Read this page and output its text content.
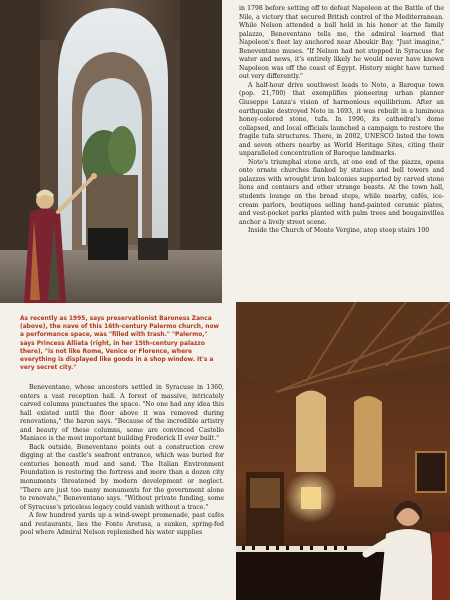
in 1798 before setting off to defeat Napoleon at the Battle of the Nile, a victory that secured British control of the Mediterranean. While Nelson attended a ball held in his honor at the family palazzo, Beneventano tells me, the admiral learned that Napoleon's fleet lay anchored near Aboukir Bay. "Just imagine," Beneventano muses. "If Nelson had not stopped in Syracuse for water and news, it's entirely likely he would never have known Napoleon was off the coast of Egypt. History might have turned out very differently."

A half-hour drive southwest leads to Noto, a Baroque town (pop. 21,700) that exemplifies pioneering urban planner Giuseppe Lanza's vision of harmonious equilibrium. After an earthquake destroyed Noto in 1693, it was rebuilt in a luminous honey-colored stone, tufa. In 1996, its cathedral's dome collapsed, and local officials launched a campaign to restore the fragile tufa structures. There, in 2002, UNESCO listed the town and seven others nearby as World Heritage Sites, citing their unparalleled concentration of Baroque landmarks.

Noto's triumphal stone arch, at one end of the piazza, opens onto ornate churches flanked by statues and bell towers and palazzos with wrought iron balconies supported by carved stone lions and centaurs and other strange beasts. At the town hall, students lounge on the broad steps, while nearby, cafés, ice-cream parlors, boutiques selling hand-painted ceramic plates, and vest-pocket parks planted with palm trees and bougainvillea anchor a lively street scene.

Inside the Church of Monte Vergine, atop steep stairs 100

As recently as 1995, says preservationist Baroness Zanca (above), the nave of this 16th-century Palermo church, now a performance space, was "filled with trash." "Palermo," says Princess Alliata (right, in her 15th-century palazzo there), "is not like Rome, Venice or Florence, where everything is displayed like goods in a shop window. It's a very secret city."

Beneventano, whose ancestors settled in Syracuse in 1360, enters a vast reception hall. A forest of massive, intricately carved columns punctuates the space. "No one had any idea this hall existed until the floor above it was removed during renovations," the baron says. "Because of the incredible artistry and beauty of these columns, some are convinced Castello Maniace is the most important building Frederick II ever built."

Back outside, Beneventano points out a construction crew digging at the castle's seafront entrance, which was buried for centuries beneath mud and sand. The Italian Environment Foundation is restoring the fortress and more than a dozen city monuments threatened by modern development or neglect. "There are just too many monuments for the government alone to renovate," Beneventano says. "Without private funding, some of Syracuse's priceless legacy could vanish without a trace."

A few hundred yards up a wind-swept promenade, past cafés and restaurants, lies the Fonte Aretusa, a sunken, spring-fed pool where Admiral Nelson replenished his water supplies
